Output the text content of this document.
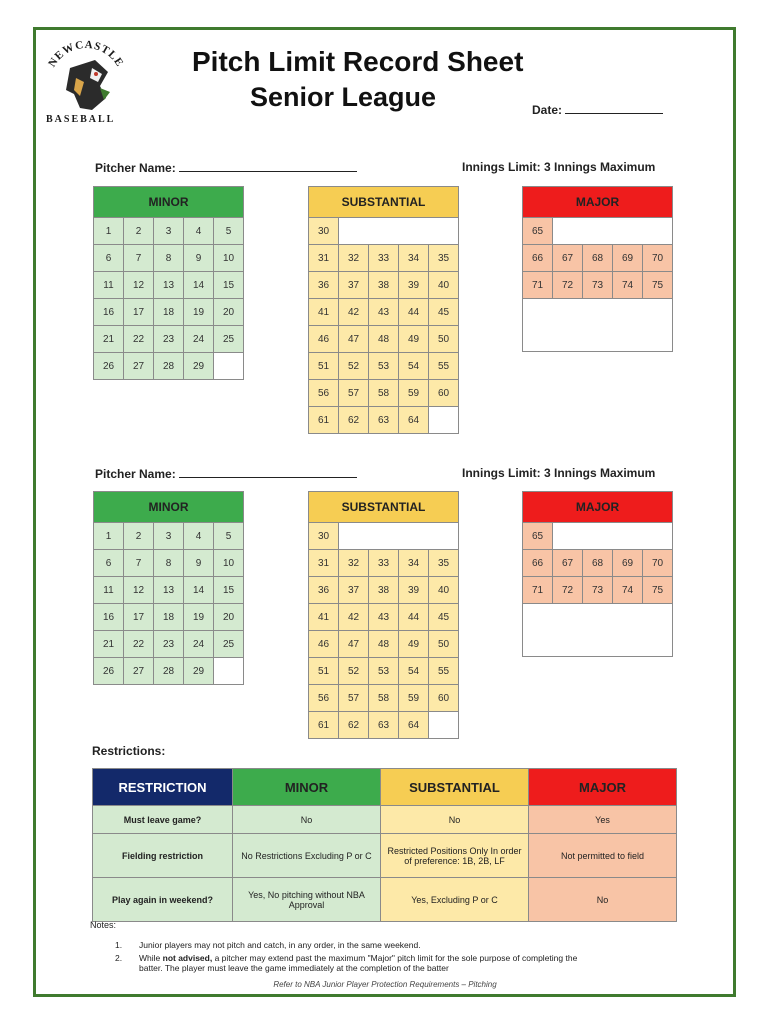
NEWCASTLE
BASEBALL
Pitch Limit Record Sheet
Senior League	Date:
Pitcher Name:	Innings Limit: 3 Innings Maximum
MINOR				
1	2	3	4	5
6	7	8	9	10
11	12	13	14	15
16	17	18	19	20
21	22	23	24	25
26	27	28	29	
SUBSTANTIAL				
30				
31	32	33	34	35
36	37	38	39	40
41	42	43	44	45
46	47	48	49	50
51	52	53	54	55
56	57	58	59	60
61	62	63	64	
MAJOR				
65				
66	67	68	69	70
71	72	73	74	75

Pitcher Name:	Innings Limit: 3 Innings Maximum
MINOR				
1	2	3	4	5
6	7	8	9	10
11	12	13	14	15
16	17	18	19	20
21	22	23	24	25
26	27	28	29	
SUBSTANTIAL				
30				
31	32	33	34	35
36	37	38	39	40
41	42	43	44	45
46	47	48	49	50
51	52	53	54	55
56	57	58	59	60
61	62	63	64	
MAJOR				
65				
66	67	68	69	70
71	72	73	74	75

Restrictions:
RESTRICTION	MINOR	SUBSTANTIAL	MAJOR
Must leave game?	No	No	Yes
Fielding restriction	No Restrictions Excluding P or C	Restricted Positions Only In order of preference: 1B, 2B, LF	Not permitted to field
Play again in weekend?	Yes, No pitching without NBA Approval	Yes, Excluding P or C	No
Notes:
1. Junior players may not pitch and catch, in any order, in the same weekend.
2. While not advised, a pitcher may extend past the maximum "Major" pitch limit for the sole purpose of completing the
batter. The player must leave the game immediately at the completion of the batter
Refer to NBA Junior Player Protection Requirements – Pitching
